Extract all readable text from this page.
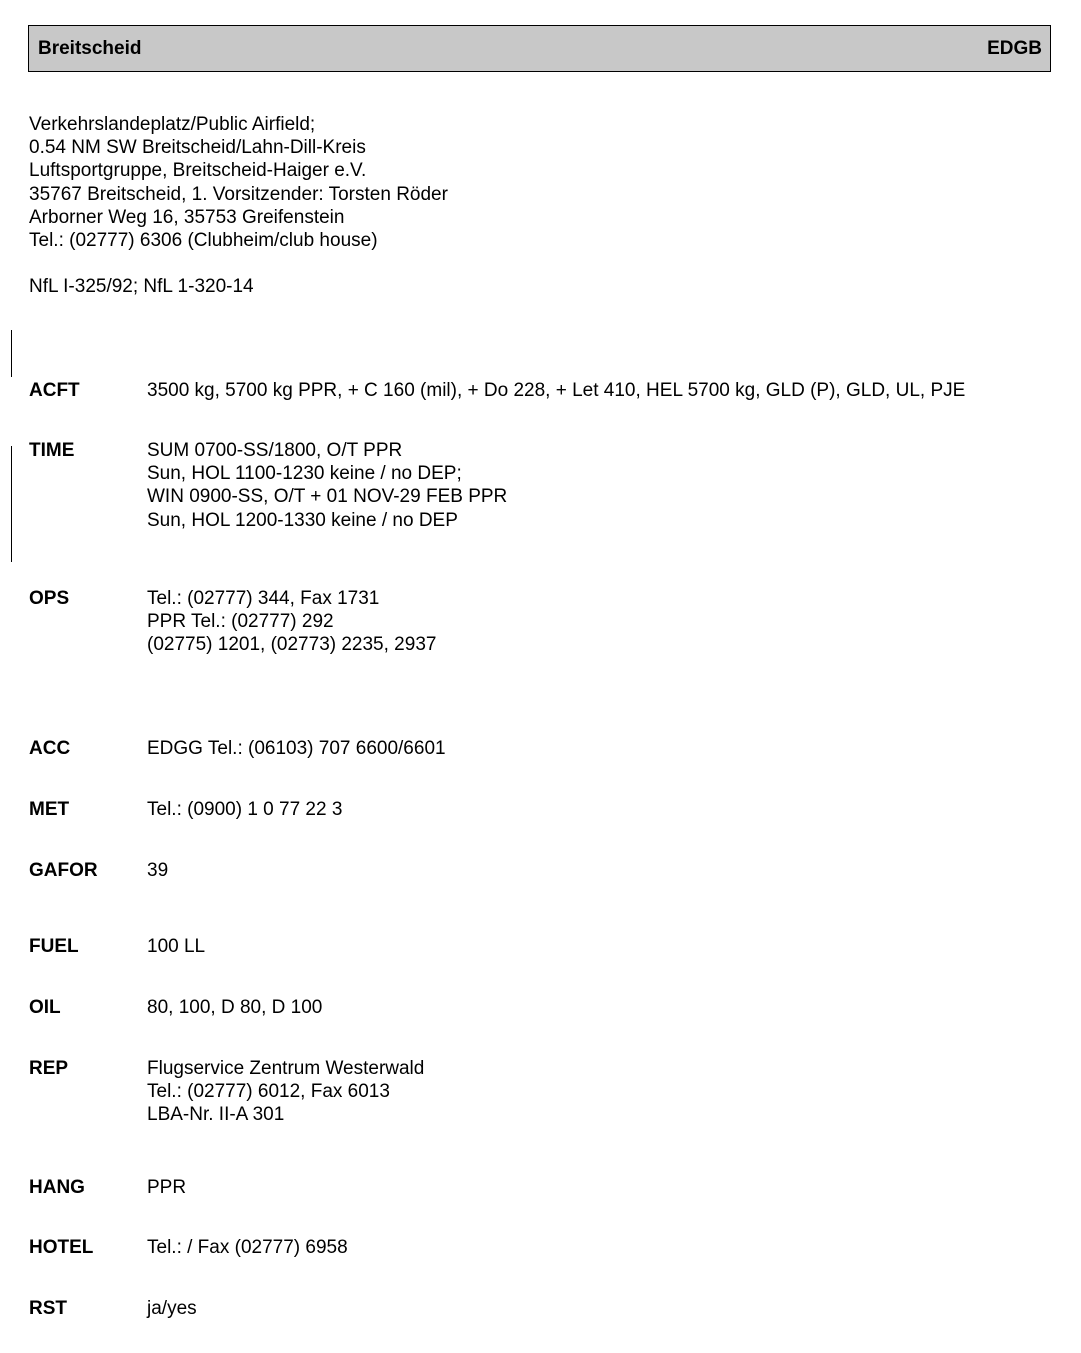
Breitscheid	EDGB
Verkehrslandeplatz/Public Airfield;
0.54 NM SW Breitscheid/Lahn-Dill-Kreis
Luftsportgruppe, Breitscheid-Haiger e.V.
35767 Breitscheid, 1. Vorsitzender: Torsten Röder
Arborner Weg 16, 35753 Greifenstein
Tel.: (02777) 6306 (Clubheim/club house)
NfL I-325/92; NfL 1-320-14
ACFT	3500 kg, 5700 kg PPR, + C 160 (mil), + Do 228, + Let 410, HEL 5700 kg, GLD (P), GLD, UL, PJE
TIME	SUM 0700-SS/1800, O/T PPR
Sun, HOL 1100-1230 keine / no DEP;
WIN 0900-SS, O/T + 01 NOV-29 FEB PPR
Sun, HOL 1200-1330 keine / no DEP
OPS	Tel.: (02777) 344, Fax 1731
PPR Tel.: (02777) 292
(02775) 1201, (02773) 2235, 2937
ACC	EDGG Tel.: (06103) 707 6600/6601
MET	Tel.: (0900) 1 0 77 22 3
GAFOR	39
FUEL	100 LL
OIL	80, 100, D 80, D 100
REP	Flugservice Zentrum Westerwald
Tel.: (02777) 6012, Fax 6013
LBA-Nr. II-A 301
HANG	PPR
HOTEL	Tel.: / Fax (02777) 6958
RST	ja/yes
